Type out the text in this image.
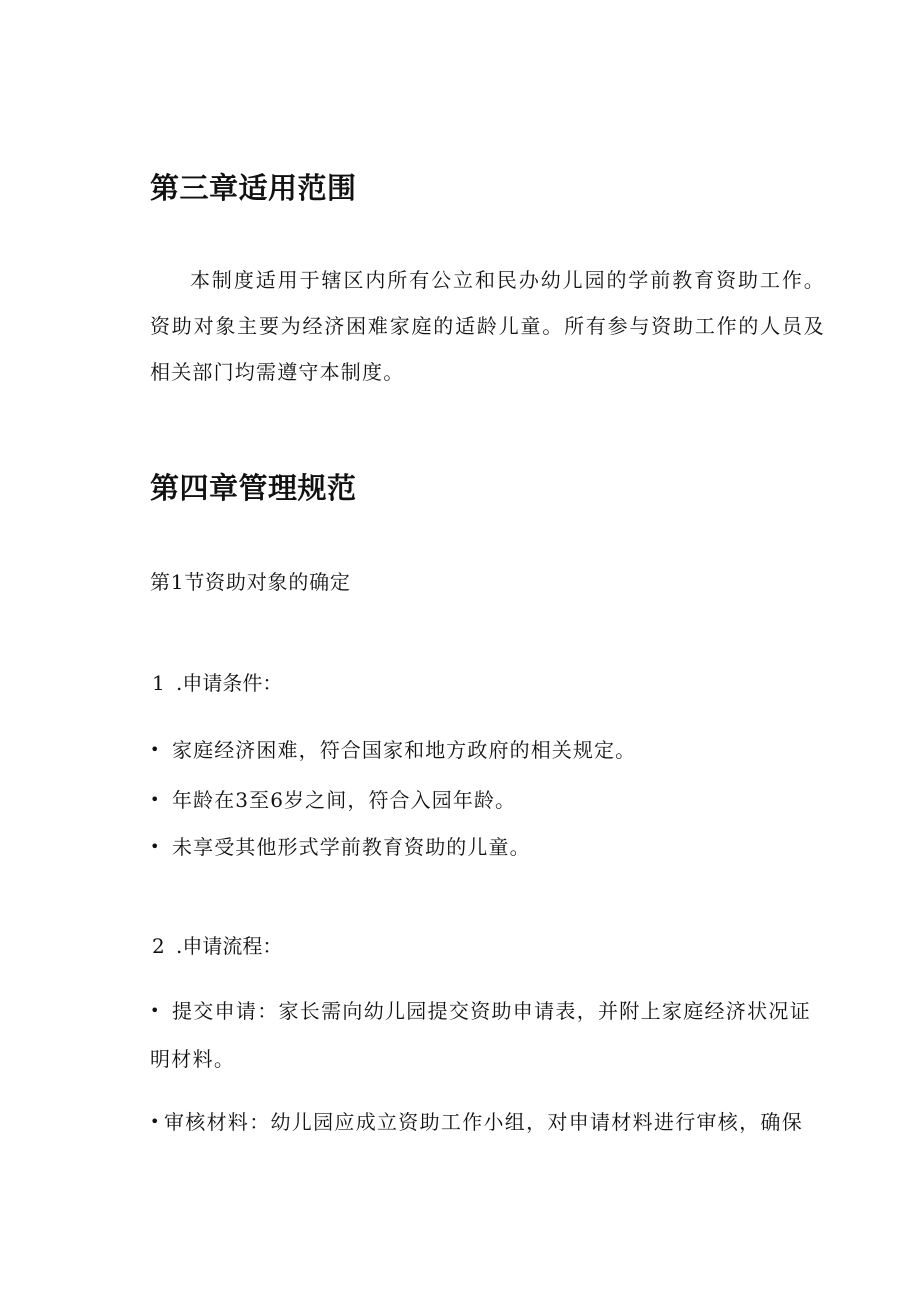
第三章适用范围

本制度适用于辖区内所有公立和民办幼儿园的学前教育资助工作。资助对象主要为经济困难家庭的适龄儿童。所有参与资助工作的人员及相关部门均需遵守本制度。

第四章管理规范

第1节资助对象的确定

1 .申请条件：

• 家庭经济困难，符合国家和地方政府的相关规定。

• 年龄在3至6岁之间，符合入园年龄。

• 未享受其他形式学前教育资助的儿童。

2 .申请流程：

• 提交申请：家长需向幼儿园提交资助申请表，并附上家庭经济状况证明材料。

• 审核材料：幼儿园应成立资助工作小组，对申请材料进行审核，确保
